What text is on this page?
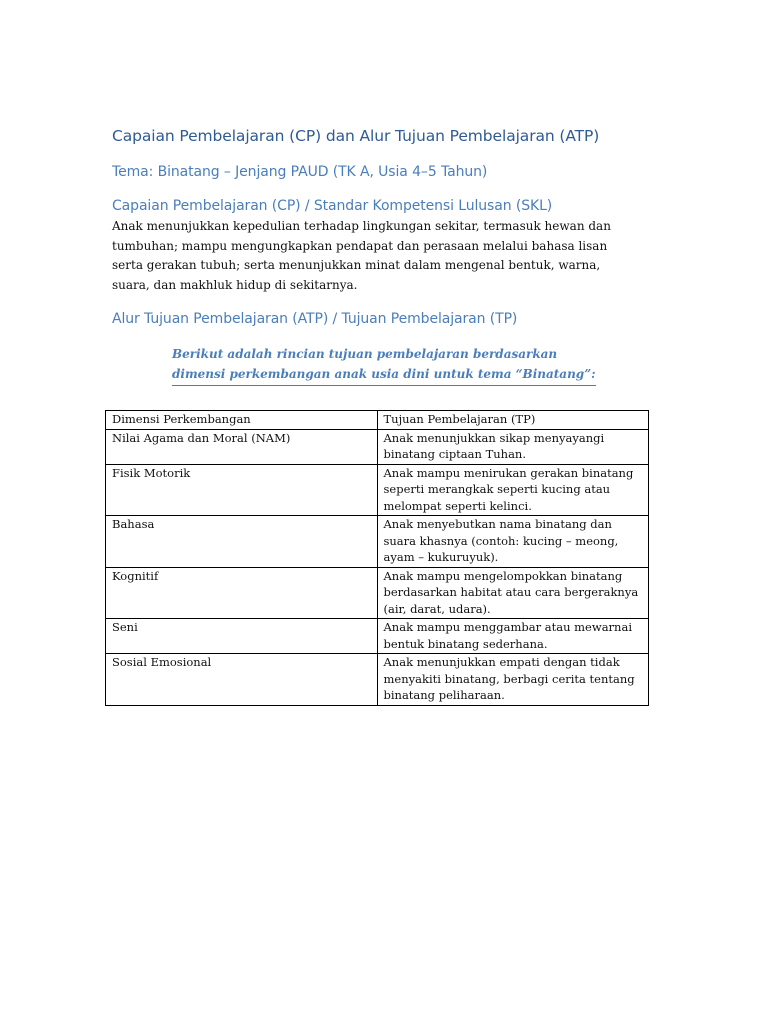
Capaian Pembelajaran (CP) dan Alur Tujuan Pembelajaran (ATP)
Tema: Binatang – Jenjang PAUD (TK A, Usia 4–5 Tahun)
Capaian Pembelajaran (CP) / Standar Kompetensi Lulusan (SKL)
Anak menunjukkan kepedulian terhadap lingkungan sekitar, termasuk hewan dan tumbuhan; mampu mengungkapkan pendapat dan perasaan melalui bahasa lisan serta gerakan tubuh; serta menunjukkan minat dalam mengenal bentuk, warna, suara, dan makhluk hidup di sekitarnya.
Alur Tujuan Pembelajaran (ATP) / Tujuan Pembelajaran (TP)
Berikut adalah rincian tujuan pembelajaran berdasarkan dimensi perkembangan anak usia dini untuk tema “Binatang”:
Dimensi Perkembangan	Tujuan Pembelajaran (TP)
Nilai Agama dan Moral (NAM)	Anak menunjukkan sikap menyayangi binatang ciptaan Tuhan.
Fisik Motorik	Anak mampu menirukan gerakan binatang seperti merangkak seperti kucing atau melompat seperti kelinci.
Bahasa	Anak menyebutkan nama binatang dan suara khasnya (contoh: kucing – meong, ayam – kukuruyuk).
Kognitif	Anak mampu mengelompokkan binatang berdasarkan habitat atau cara bergeraknya (air, darat, udara).
Seni	Anak mampu menggambar atau mewarnai bentuk binatang sederhana.
Sosial Emosional	Anak menunjukkan empati dengan tidak menyakiti binatang, berbagi cerita tentang binatang peliharaan.
